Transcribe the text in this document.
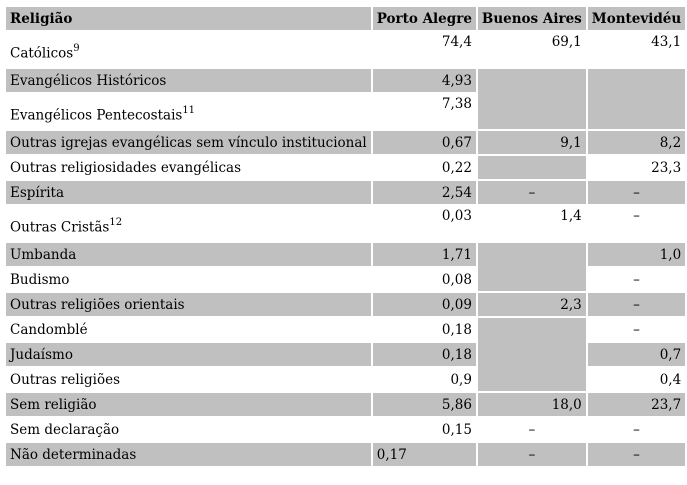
Religião	Porto Alegre	Buenos Aires	Montevidéu
Católicos$^9$	74,4	69,1	43,1
Evangélicos Históricos	4,93		
Evangélicos Pentecostais$^{11}$	7,38		
Outras igrejas evangélicas sem vínculo institucional	0,67	9,1	8,2
Outras religiosidades evangélicas	0,22		23,3
Espírita	2,54	–	–
Outras Cristãs$^{12}$	0,03	1,4	–
Umbanda	1,71		1,0
Budismo	0,08		–
Outras religiões orientais	0,09	2,3	–
Candomblé	0,18		–
Judaísmo	0,18		0,7
Outras religiões	0,9		0,4
Sem religião	5,86	18,0	23,7
Sem declaração	0,15	–	–
Não determinadas	0,17	–	–
